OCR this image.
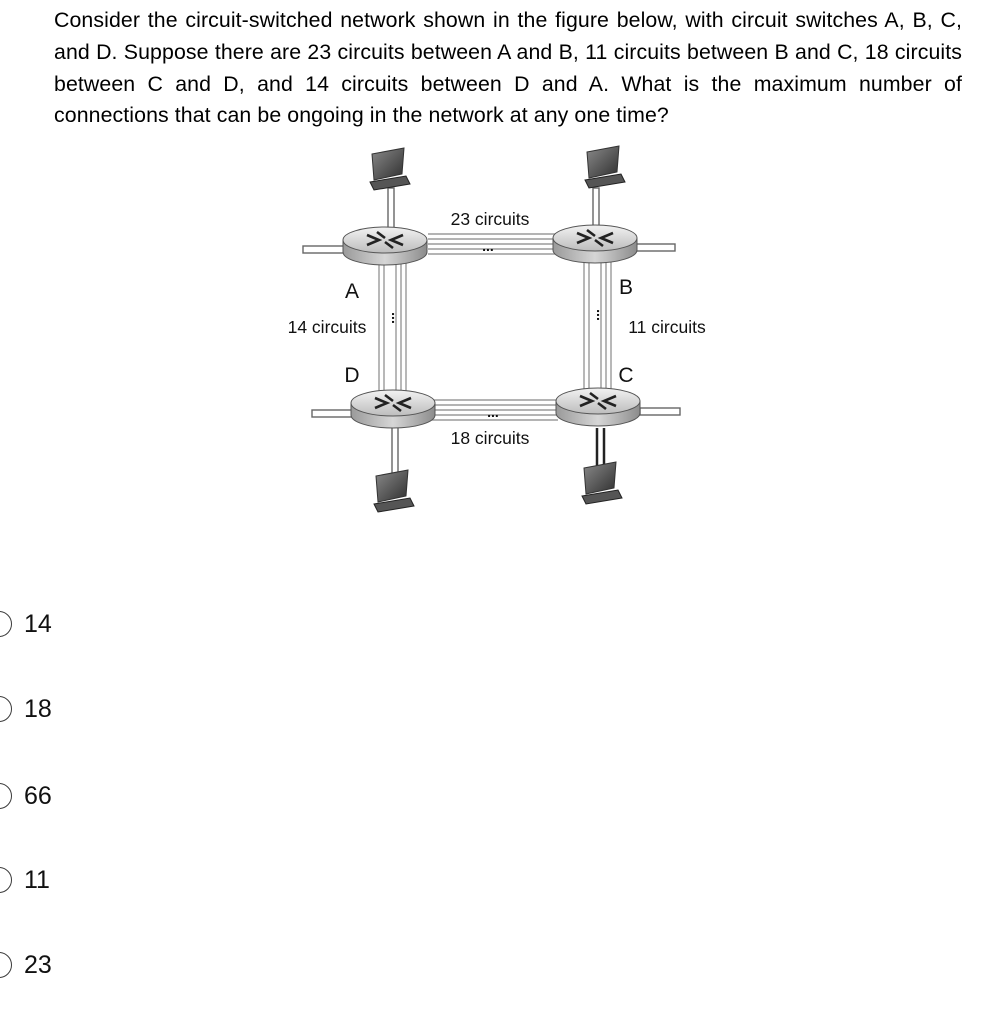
Consider the circuit-switched network shown in the figure below, with circuit switches A, B, C, and D. Suppose there are 23 circuits between A and B, 11 circuits between B and C, 18 circuits between C and D, and 14 circuits between D and A. What is the maximum number of connections that can be ongoing in the network at any one time?

...
...
...	...
23 circuits
11 circuits
18 circuits
14 circuits
A	B
C
D
14
18
66
11
23
